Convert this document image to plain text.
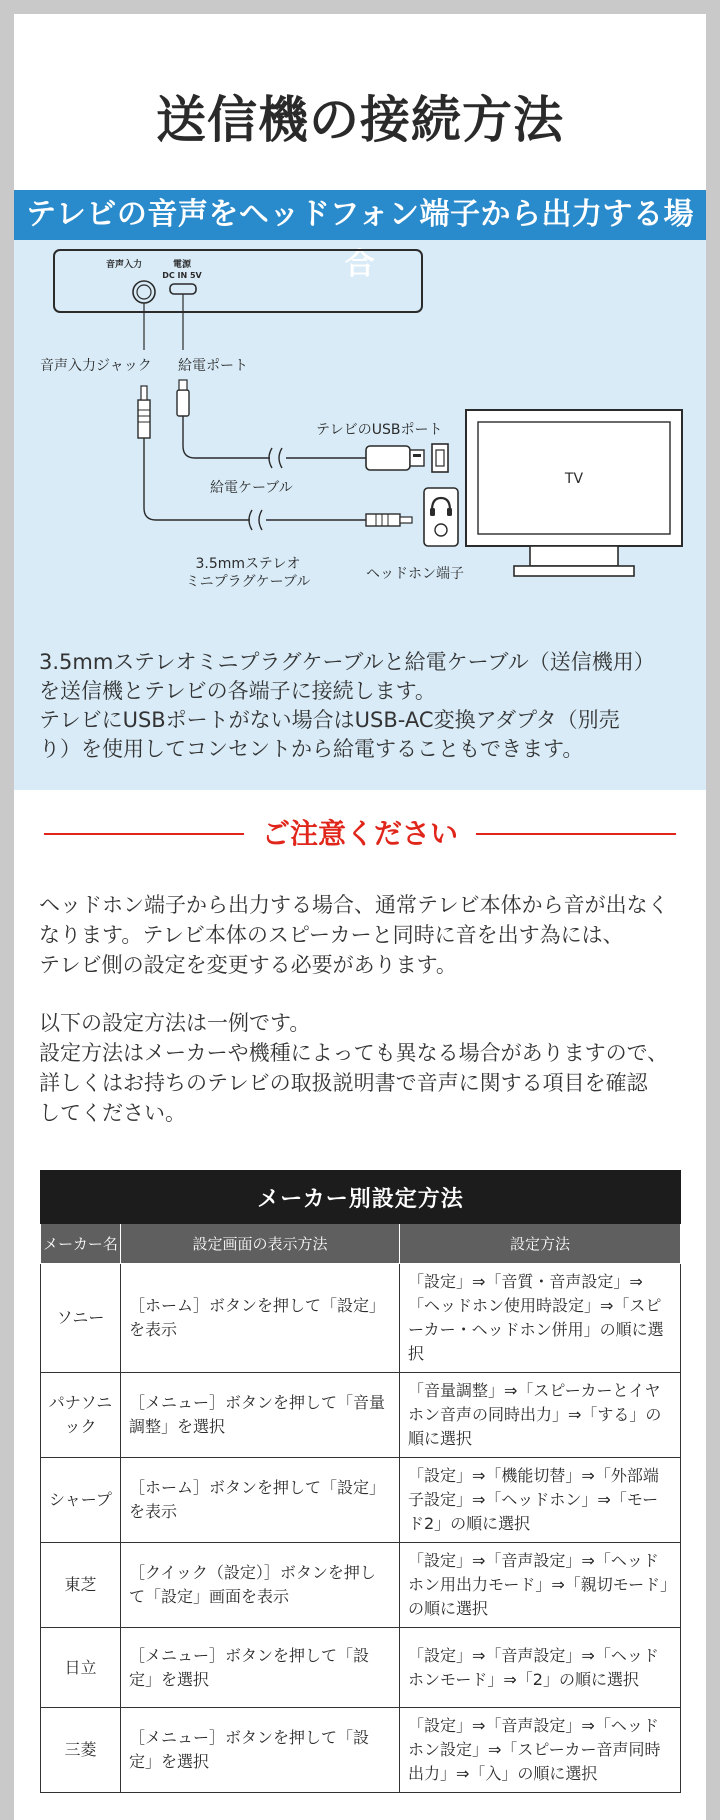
送信機の接続方法
テレビの音声をヘッドフォン端子から出力する場合
音声入力	電源
DC IN 5V
音声入力ジャック 給電ポート
テレビのUSBポート
給電ケーブル
3.5mmステレオ
ミニプラグケーブル	ヘッドホン端子
TV

3.5mmステレオミニプラグケーブルと給電ケーブル（送信機用）

を送信機とテレビの各端子に接続します。

テレビにUSBポートがない場合はUSB-AC変換アダプタ（別売

り）を使用してコンセントから給電することもできます。

ご注意ください

ヘッドホン端子から出力する場合、通常テレビ本体から音が出なく

なります。テレビ本体のスピーカーと同時に音を出す為には、

テレビ側の設定を変更する必要があります。

以下の設定方法は一例です。

設定方法はメーカーや機種によっても異なる場合がありますので、

詳しくはお持ちのテレビの取扱説明書で音声に関する項目を確認

してください。

メーカー別設定方法		
メーカー名	設定画面の表示方法	設定方法
ソニー	［ホーム］ボタンを押して「設定」を表示	「設定」⇒「音質・音声設定」⇒「ヘッドホン使用時設定」⇒「スピーカー・ヘッドホン併用」の順に選択
パナソニック	［メニュー］ボタンを押して「音量調整」を選択	「音量調整」⇒「スピーカーとイヤホン音声の同時出力」⇒「する」の順に選択
シャープ	［ホーム］ボタンを押して「設定」を表示	「設定」⇒「機能切替」⇒「外部端子設定」⇒「ヘッドホン」⇒「モード2」の順に選択
東芝	［クイック（設定）］ボタンを押して「設定」画面を表示	「設定」⇒「音声設定」⇒「ヘッドホン用出力モード」⇒「親切モード」の順に選択
日立	［メニュー］ボタンを押して「設定」を選択	「設定」⇒「音声設定」⇒「ヘッドホンモード」⇒「2」の順に選択
三菱	［メニュー］ボタンを押して「設定」を選択	「設定」⇒「音声設定」⇒「ヘッドホン設定」⇒「スピーカー音声同時出力」⇒「入」の順に選択
